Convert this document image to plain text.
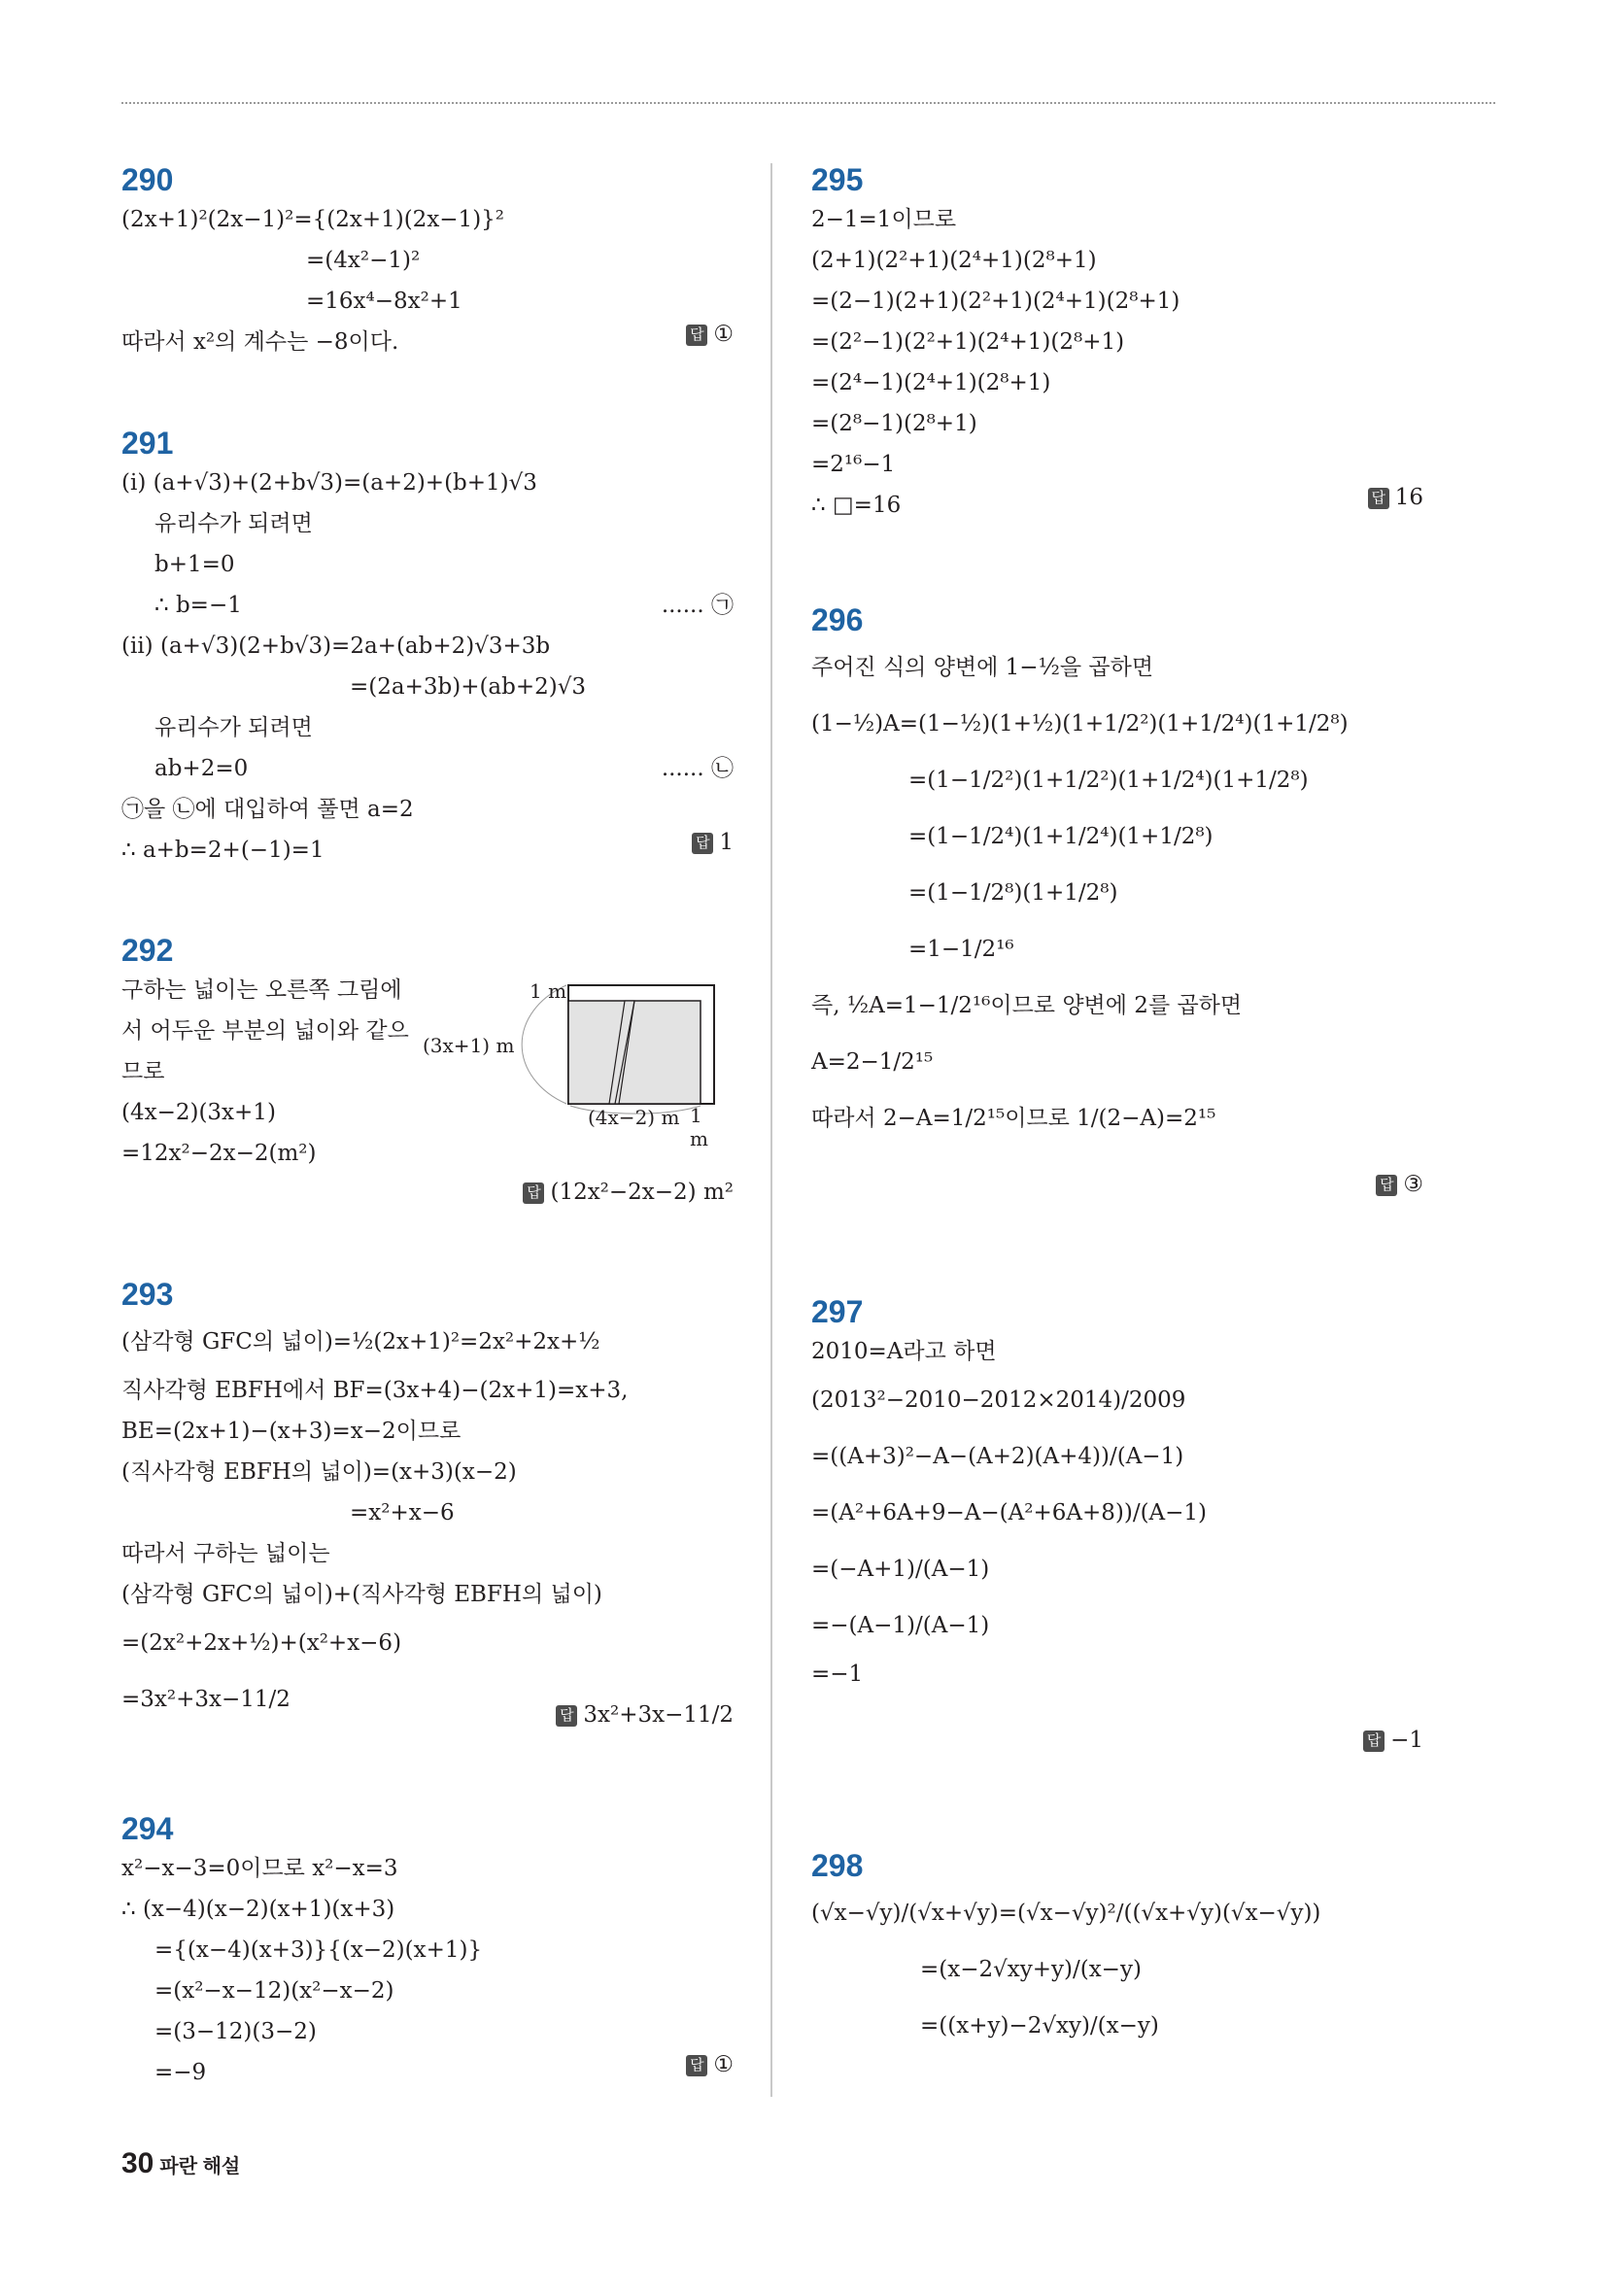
290
(2x+1)²(2x−1)²={(2x+1)(2x−1)}²
=(4x²−1)²
=16x⁴−8x²+1
따라서 x²의 계수는 −8이다.	답 ①
291
(i) (a+√3)+(2+b√3)=(a+2)+(b+1)√3
유리수가 되려면
b+1=0
∴ b=−1	...... ㉠
(ii) (a+√3)(2+b√3)=2a+(ab+2)√3+3b
=(2a+3b)+(ab+2)√3
유리수가 되려면
ab+2=0	...... ㉡
㉠을 ㉡에 대입하여 풀면 a=2
∴ a+b=2+(−1)=1	답 1
292
구하는 넓이는 오른쪽 그림에
서 어두운 부분의 넓이와 같으
므로
(4x−2)(3x+1)
=12x²−2x−2(m²)
1 m
(3x+1) m
(4x−2) m 1 m
답 (12x²−2x−2) m²
293
(삼각형 GFC의 넓이)=½(2x+1)²=2x²+2x+½
직사각형 EBFH에서 BF=(3x+4)−(2x+1)=x+3,
BE=(2x+1)−(x+3)=x−2이므로
(직사각형 EBFH의 넓이)=(x+3)(x−2)
=x²+x−6
따라서 구하는 넓이는
(삼각형 GFC의 넓이)+(직사각형 EBFH의 넓이)
=(2x²+2x+½)+(x²+x−6)
=3x²+3x−11/2
답 3x²+3x−11/2
294
x²−x−3=0이므로 x²−x=3
∴ (x−4)(x−2)(x+1)(x+3)
={(x−4)(x+3)}{(x−2)(x+1)}
=(x²−x−12)(x²−x−2)
=(3−12)(3−2)
=−9	답 ①
295
2−1=1이므로
(2+1)(2²+1)(2⁴+1)(2⁸+1)
=(2−1)(2+1)(2²+1)(2⁴+1)(2⁸+1)
=(2²−1)(2²+1)(2⁴+1)(2⁸+1)
=(2⁴−1)(2⁴+1)(2⁸+1)
=(2⁸−1)(2⁸+1)
=2¹⁶−1
∴ □=16	답 16
296
주어진 식의 양변에 1−½을 곱하면
(1−½)A=(1−½)(1+½)(1+1/2²)(1+1/2⁴)(1+1/2⁸)
=(1−1/2²)(1+1/2²)(1+1/2⁴)(1+1/2⁸)
=(1−1/2⁴)(1+1/2⁴)(1+1/2⁸)
=(1−1/2⁸)(1+1/2⁸)
=1−1/2¹⁶
즉, ½A=1−1/2¹⁶이므로 양변에 2를 곱하면
A=2−1/2¹⁵
따라서 2−A=1/2¹⁵이므로 1/(2−A)=2¹⁵
답 ③
297
2010=A라고 하면
(2013²−2010−2012×2014)/2009
=((A+3)²−A−(A+2)(A+4))/(A−1)
=(A²+6A+9−A−(A²+6A+8))/(A−1)
=(−A+1)/(A−1)
=−(A−1)/(A−1)
=−1
답 −1
298
(√x−√y)/(√x+√y)=(√x−√y)²/((√x+√y)(√x−√y))
=(x−2√xy+y)/(x−y)
=((x+y)−2√xy)/(x−y)
30 파란 해설
